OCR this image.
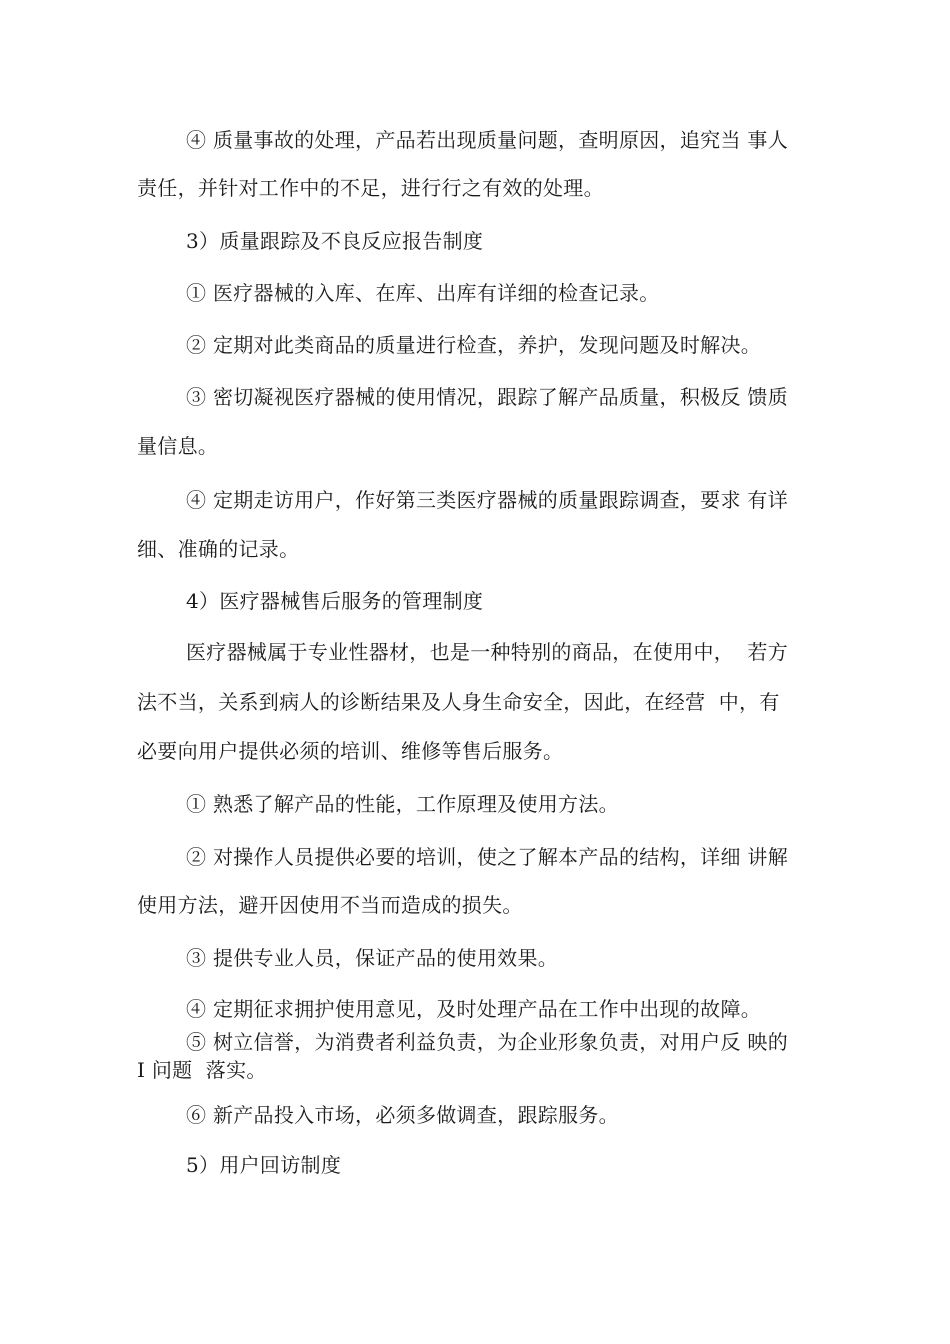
④ 质量事故的处理，产品若出现质量问题，查明原因，追究当 事人
责任，并针对工作中的不足，进行行之有效的处理。
3）质量跟踪及不良反应报告制度
① 医疗器械的入库、在库、出库有详细的检查记录。
② 定期对此类商品的质量进行检查，养护，发现问题及时解决。
③ 密切凝视医疗器械的使用情况，跟踪了解产品质量，积极反 馈质
量信息。
④ 定期走访用户，作好第三类医疗器械的质量跟踪调查，要求 有详
细、准确的记录。
4）医疗器械售后服务的管理制度
医疗器械属于专业性器材，也是一种特别的商品，在使用中，  若方
法不当，关系到病人的诊断结果及人身生命安全，因此，在经营  中，有
必要向用户提供必须的培训、维修等售后服务。
① 熟悉了解产品的性能，工作原理及使用方法。
② 对操作人员提供必要的培训，使之了解本产品的结构，详细 讲解
使用方法，避开因使用不当而造成的损失。
③ 提供专业人员，保证产品的使用效果。
④ 定期征求拥护使用意见，及时处理产品在工作中出现的故障。
⑤ 树立信誉，为消费者利益负责，为企业形象负责，对用户反 映的
I 问题  落实。
⑥ 新产品投入市场，必须多做调查，跟踪服务。
5）用户回访制度
